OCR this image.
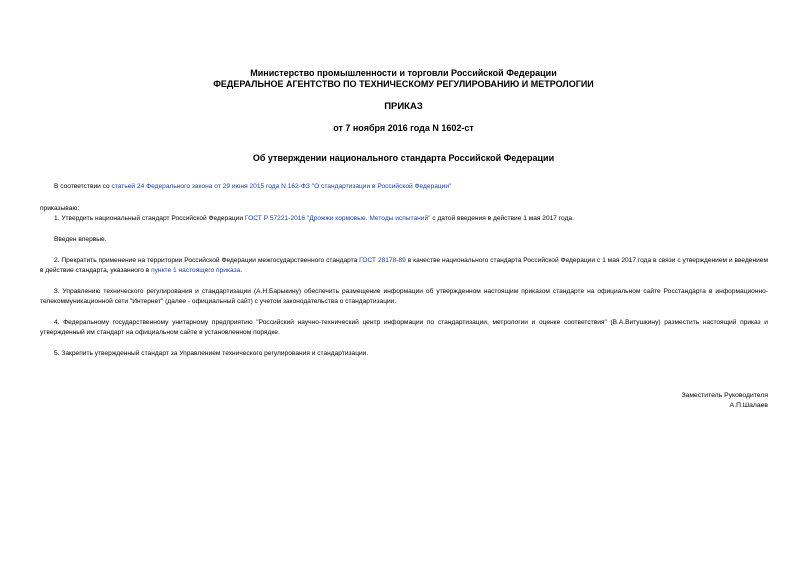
Министерство промышленности и торговли Российской Федерации
ФЕДЕРАЛЬНОЕ АГЕНТСТВО ПО ТЕХНИЧЕСКОМУ РЕГУЛИРОВАНИЮ И МЕТРОЛОГИИ
ПРИКАЗ
от 7 ноября 2016 года N 1602-ст
Об утверждении национального стандарта Российской Федерации
В соответствии со статьей 24 Федерального закона от 29 июня 2015 года N 162-ФЗ "О стандартизации в Российской Федерации"
приказываю:
1. Утвердить национальный стандарт Российской Федерации ГОСТ Р 57221-2016 "Дрожжи кормовые. Методы испытаний" с датой введения в действие 1 мая 2017 года.
Введен впервые.
2. Прекратить применение на территории Российской Федерации межгосударственного стандарта ГОСТ 28178-89 в качестве национального стандарта Российской Федерации с 1 мая 2017 года в связи с утверждением и введением в действие стандарта, указанного в пункте 1 настоящего приказа.
3. Управлению технического регулирования и стандартизации (А.Н.Барыкину) обеспечить размещение информации об утвержденном настоящим приказом стандарте на официальном сайте Росстандарта в информационно-телекоммуникационной сети "Интернет" (далее - официальный сайт) с учетом законодательства о стандартизации.
4. Федеральному государственному унитарному предприятию "Российский научно-технический центр информации по стандартизации, метрологии и оценке соответствия" (В.А.Витушкину) разместить настоящий приказ и утвержденный им стандарт на официальном сайте в установленном порядке.
5. Закрепить утвержденный стандарт за Управлением технического регулирования и стандартизации.
Заместитель Руководителя
А.П.Шалаев
